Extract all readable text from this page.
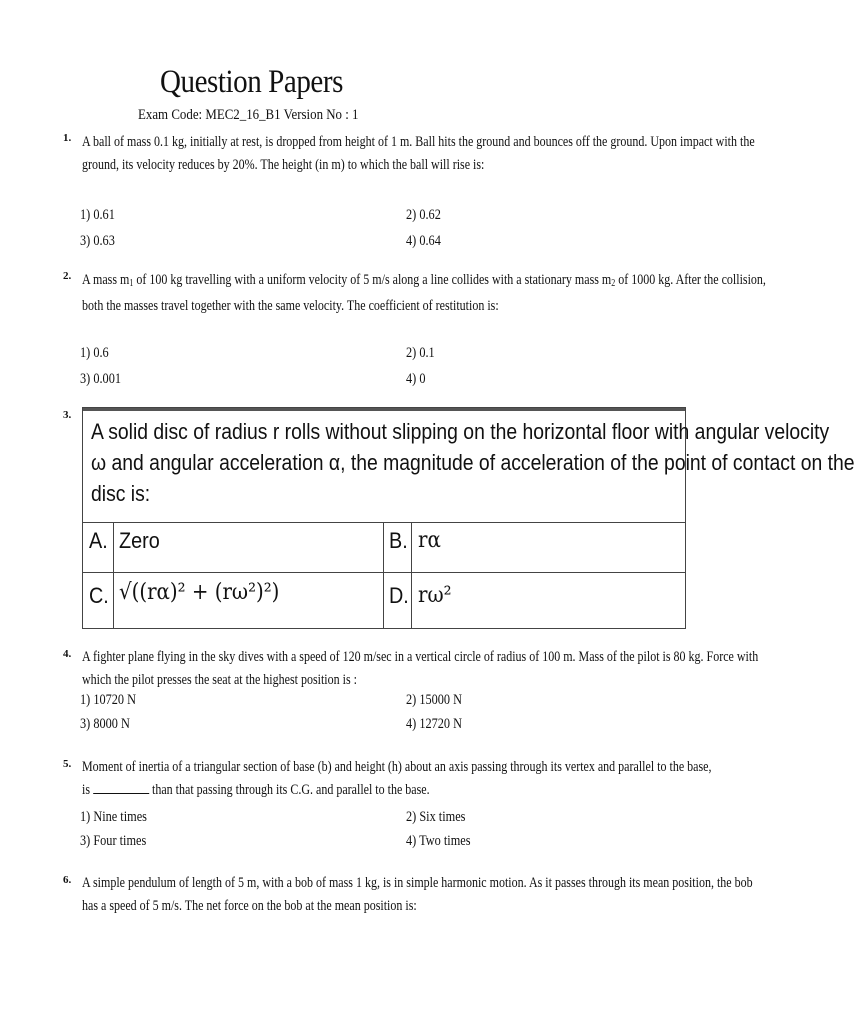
Question Papers
Exam Code: MEC2_16_B1 Version No : 1
1. A ball of mass 0.1 kg, initially at rest, is dropped from height of 1 m. Ball hits the ground and bounces off the ground. Upon impact with the
ground, its velocity reduces by 20%. The height (in m) to which the ball will rise is:
1) 0.61	2) 0.62
3) 0.63	4) 0.64
2. A mass $m_1$ of 100 kg travelling with a uniform velocity of 5 m/s along a line collides with a stationary mass $m_2$ of 1000 kg. After the collision,
both the masses travel together with the same velocity. The coefficient of restitution is:
1) 0.6	2) 0.1
3) 0.001	4) 0
3.
A solid disc of radius r rolls without slipping on the horizontal floor with angular velocity
ω and angular acceleration α, the magnitude of acceleration of the point of contact on the
disc is:
A. Zero	B. rα
C. √((rα)² + (rω²)²)	D. rω²
4. A fighter plane flying in the sky dives with a speed of 120 m/sec in a vertical circle of radius of 100 m. Mass of the pilot is 80 kg. Force with
which the pilot presses the seat at the highest position is :
1) 10720 N	2) 15000 N
3) 8000 N	4) 12720 N
5. Moment of inertia of a triangular section of base (b) and height (h) about an axis passing through its vertex and parallel to the base,
is	than that passing through its C.G. and parallel to the base.
1) Nine times	2) Six times
3) Four times	4) Two times
6. A simple pendulum of length of 5 m, with a bob of mass 1 kg, is in simple harmonic motion. As it passes through its mean position, the bob
has a speed of 5 m/s. The net force on the bob at the mean position is:
